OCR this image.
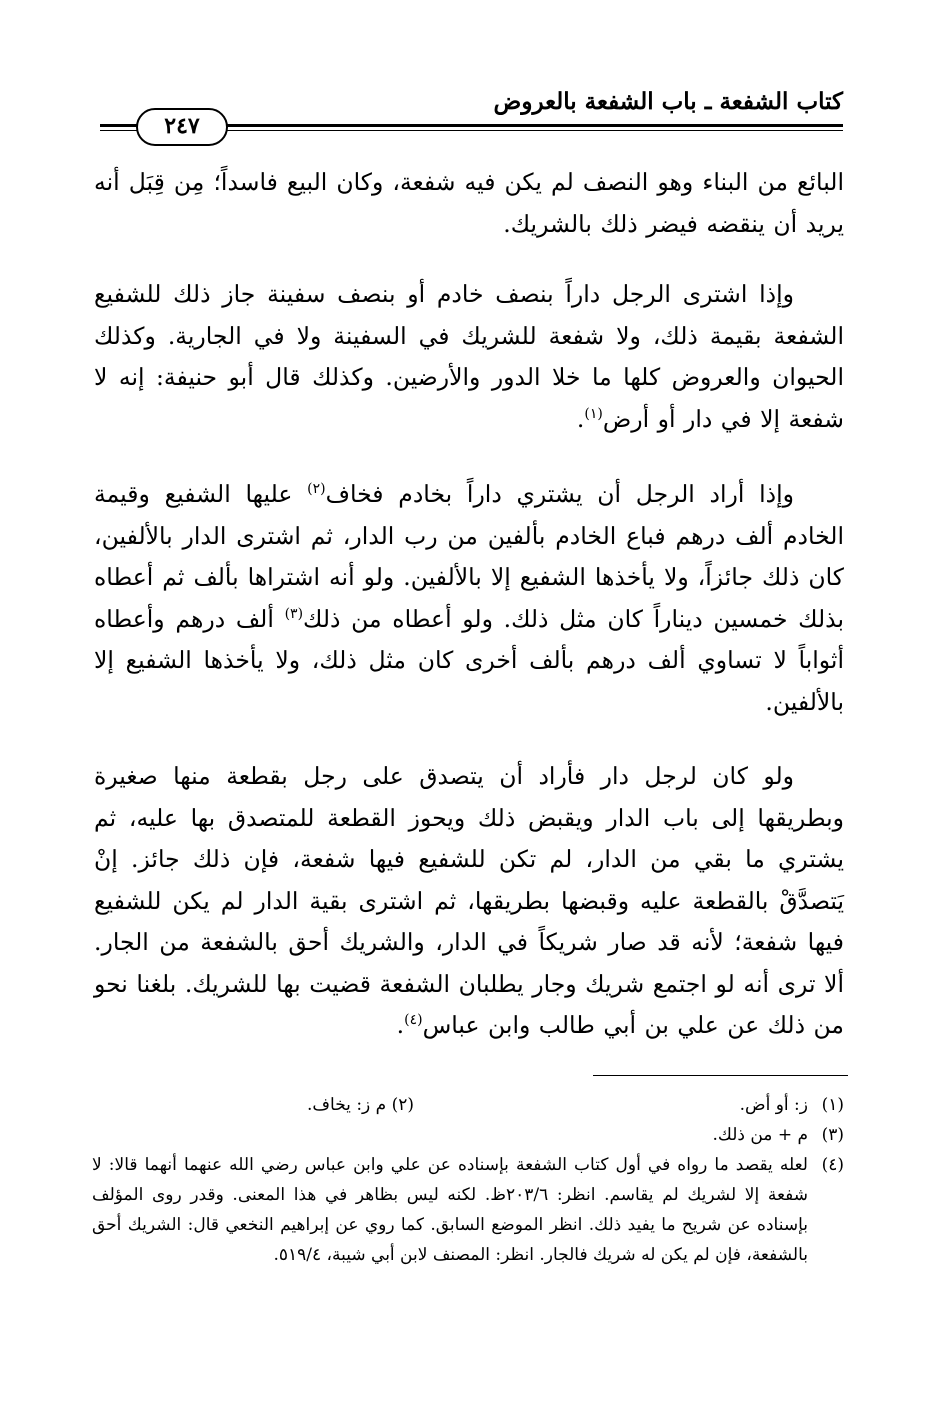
كتاب الشفعة ـ باب الشفعة بالعروض
٢٤٧

البائع من البناء وهو النصف لم يكن فيه شفعة، وكان البيع فاسداً؛ مِن قِبَل أنه يريد أن ينقضه فيضر ذلك بالشريك.

وإذا اشترى الرجل داراً بنصف خادم أو بنصف سفينة جاز ذلك للشفيع الشفعة بقيمة ذلك، ولا شفعة للشريك في السفينة ولا في الجارية. وكذلك الحيوان والعروض كلها ما خلا الدور والأرضين. وكذلك قال أبو حنيفة: إنه لا شفعة إلا في دار أو أرض$^{(١)}$.

وإذا أراد الرجل أن يشتري داراً بخادم فخاف$^{(٢)}$ عليها الشفيع وقيمة الخادم ألف درهم فباع الخادم بألفين من رب الدار، ثم اشترى الدار بالألفين، كان ذلك جائزاً، ولا يأخذها الشفيع إلا بالألفين. ولو أنه اشتراها بألف ثم أعطاه بذلك خمسين ديناراً كان مثل ذلك. ولو أعطاه من ذلك$^{(٣)}$ ألف درهم وأعطاه أثواباً لا تساوي ألف درهم بألف أخرى كان مثل ذلك، ولا يأخذها الشفيع إلا بالألفين.

ولو كان لرجل دار فأراد أن يتصدق على رجل بقطعة منها صغيرة وبطريقها إلى باب الدار ويقبض ذلك ويحوز القطعة للمتصدق بها عليه، ثم يشتري ما بقي من الدار، لم تكن للشفيع فيها شفعة، فإن ذلك جائز. إنْ يَتصدَّقْ بالقطعة عليه وقبضها بطريقها، ثم اشترى بقية الدار لم يكن للشفيع فيها شفعة؛ لأنه قد صار شريكاً في الدار، والشريك أحق بالشفعة من الجار. ألا ترى أنه لو اجتمع شريك وجار يطلبان الشفعة قضيت بها للشريك. بلغنا نحو من ذلك عن علي بن أبي طالب وابن عباس$^{(٤)}$.

(١)
ز: أو أض.
(٢) م ز: يخاف.
(٣)
م + من ذلك.
(٤)
لعله يقصد ما رواه في أول كتاب الشفعة بإسناده عن علي وابن عباس رضي الله عنهما أنهما قالا: لا شفعة إلا لشريك لم يقاسم. انظر: ٢٠٣/٦ظ. لكنه ليس بظاهر في هذا المعنى. وقدر روى المؤلف بإسناده عن شريح ما يفيد ذلك. انظر الموضع السابق. كما روي عن إبراهيم النخعي قال: الشريك أحق بالشفعة، فإن لم يكن له شريك فالجار. انظر: المصنف لابن أبي شيبة، ٥١٩/٤.
